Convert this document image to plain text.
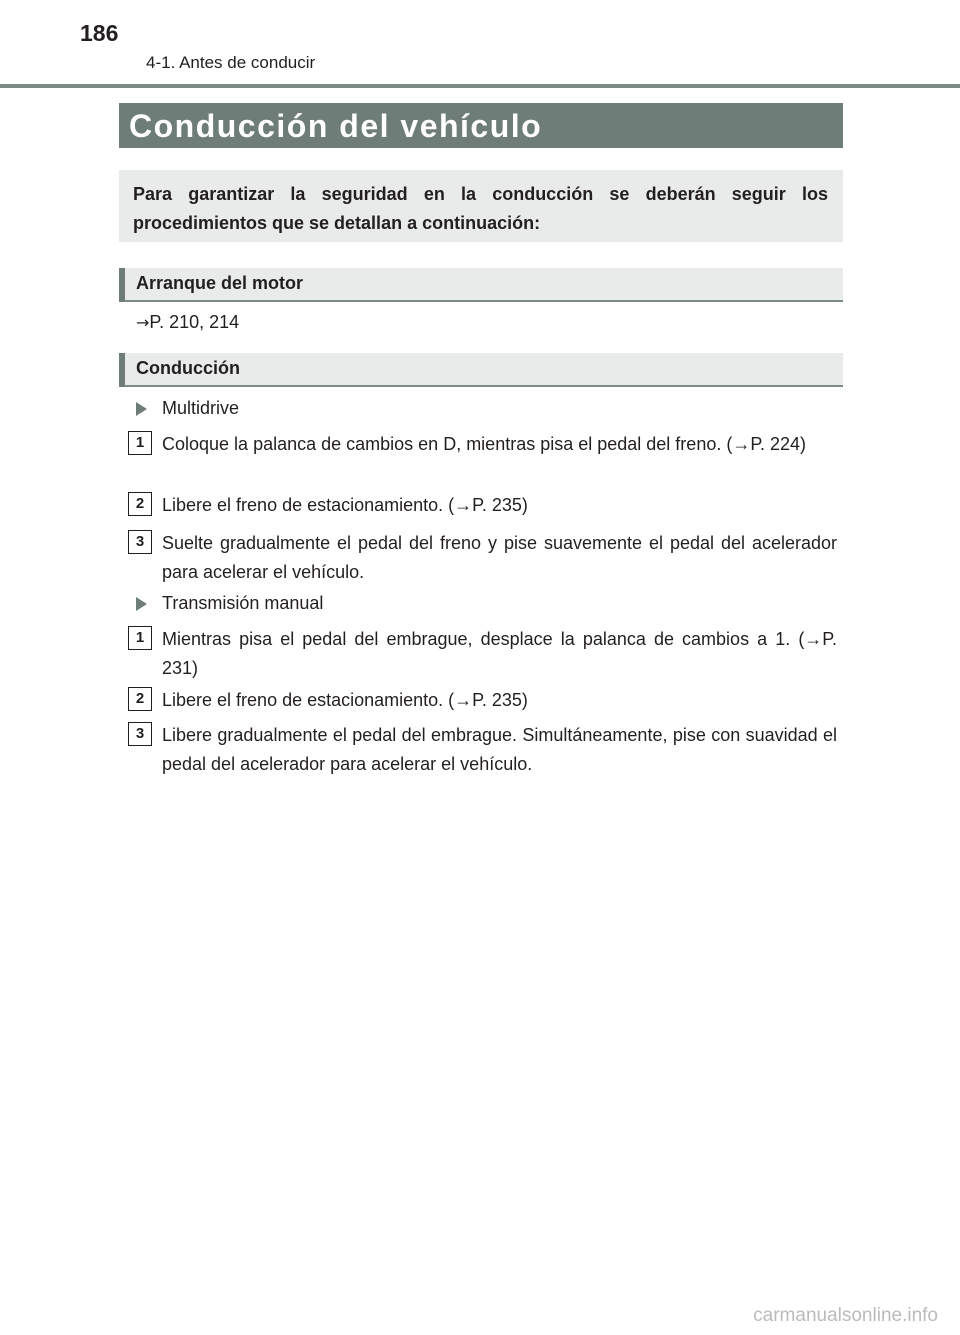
186
4-1. Antes de conducir
Conducción del vehículo
Para garantizar la seguridad en la conducción se deberán seguir los procedimientos que se detallan a continuación:
Arranque del motor
→P. 210, 214
Conducción
Multidrive
1 Coloque la palanca de cambios en D, mientras pisa el pedal del freno. (→P. 224)
2 Libere el freno de estacionamiento. (→P. 235)
3 Suelte gradualmente el pedal del freno y pise suavemente el pedal del acelerador para acelerar el vehículo.
Transmisión manual
1 Mientras pisa el pedal del embrague, desplace la palanca de cambios a 1. (→P. 231)
2 Libere el freno de estacionamiento. (→P. 235)
3 Libere gradualmente el pedal del embrague. Simultáneamente, pise con suavidad el pedal del acelerador para acelerar el vehículo.
carmanualsonline.info
